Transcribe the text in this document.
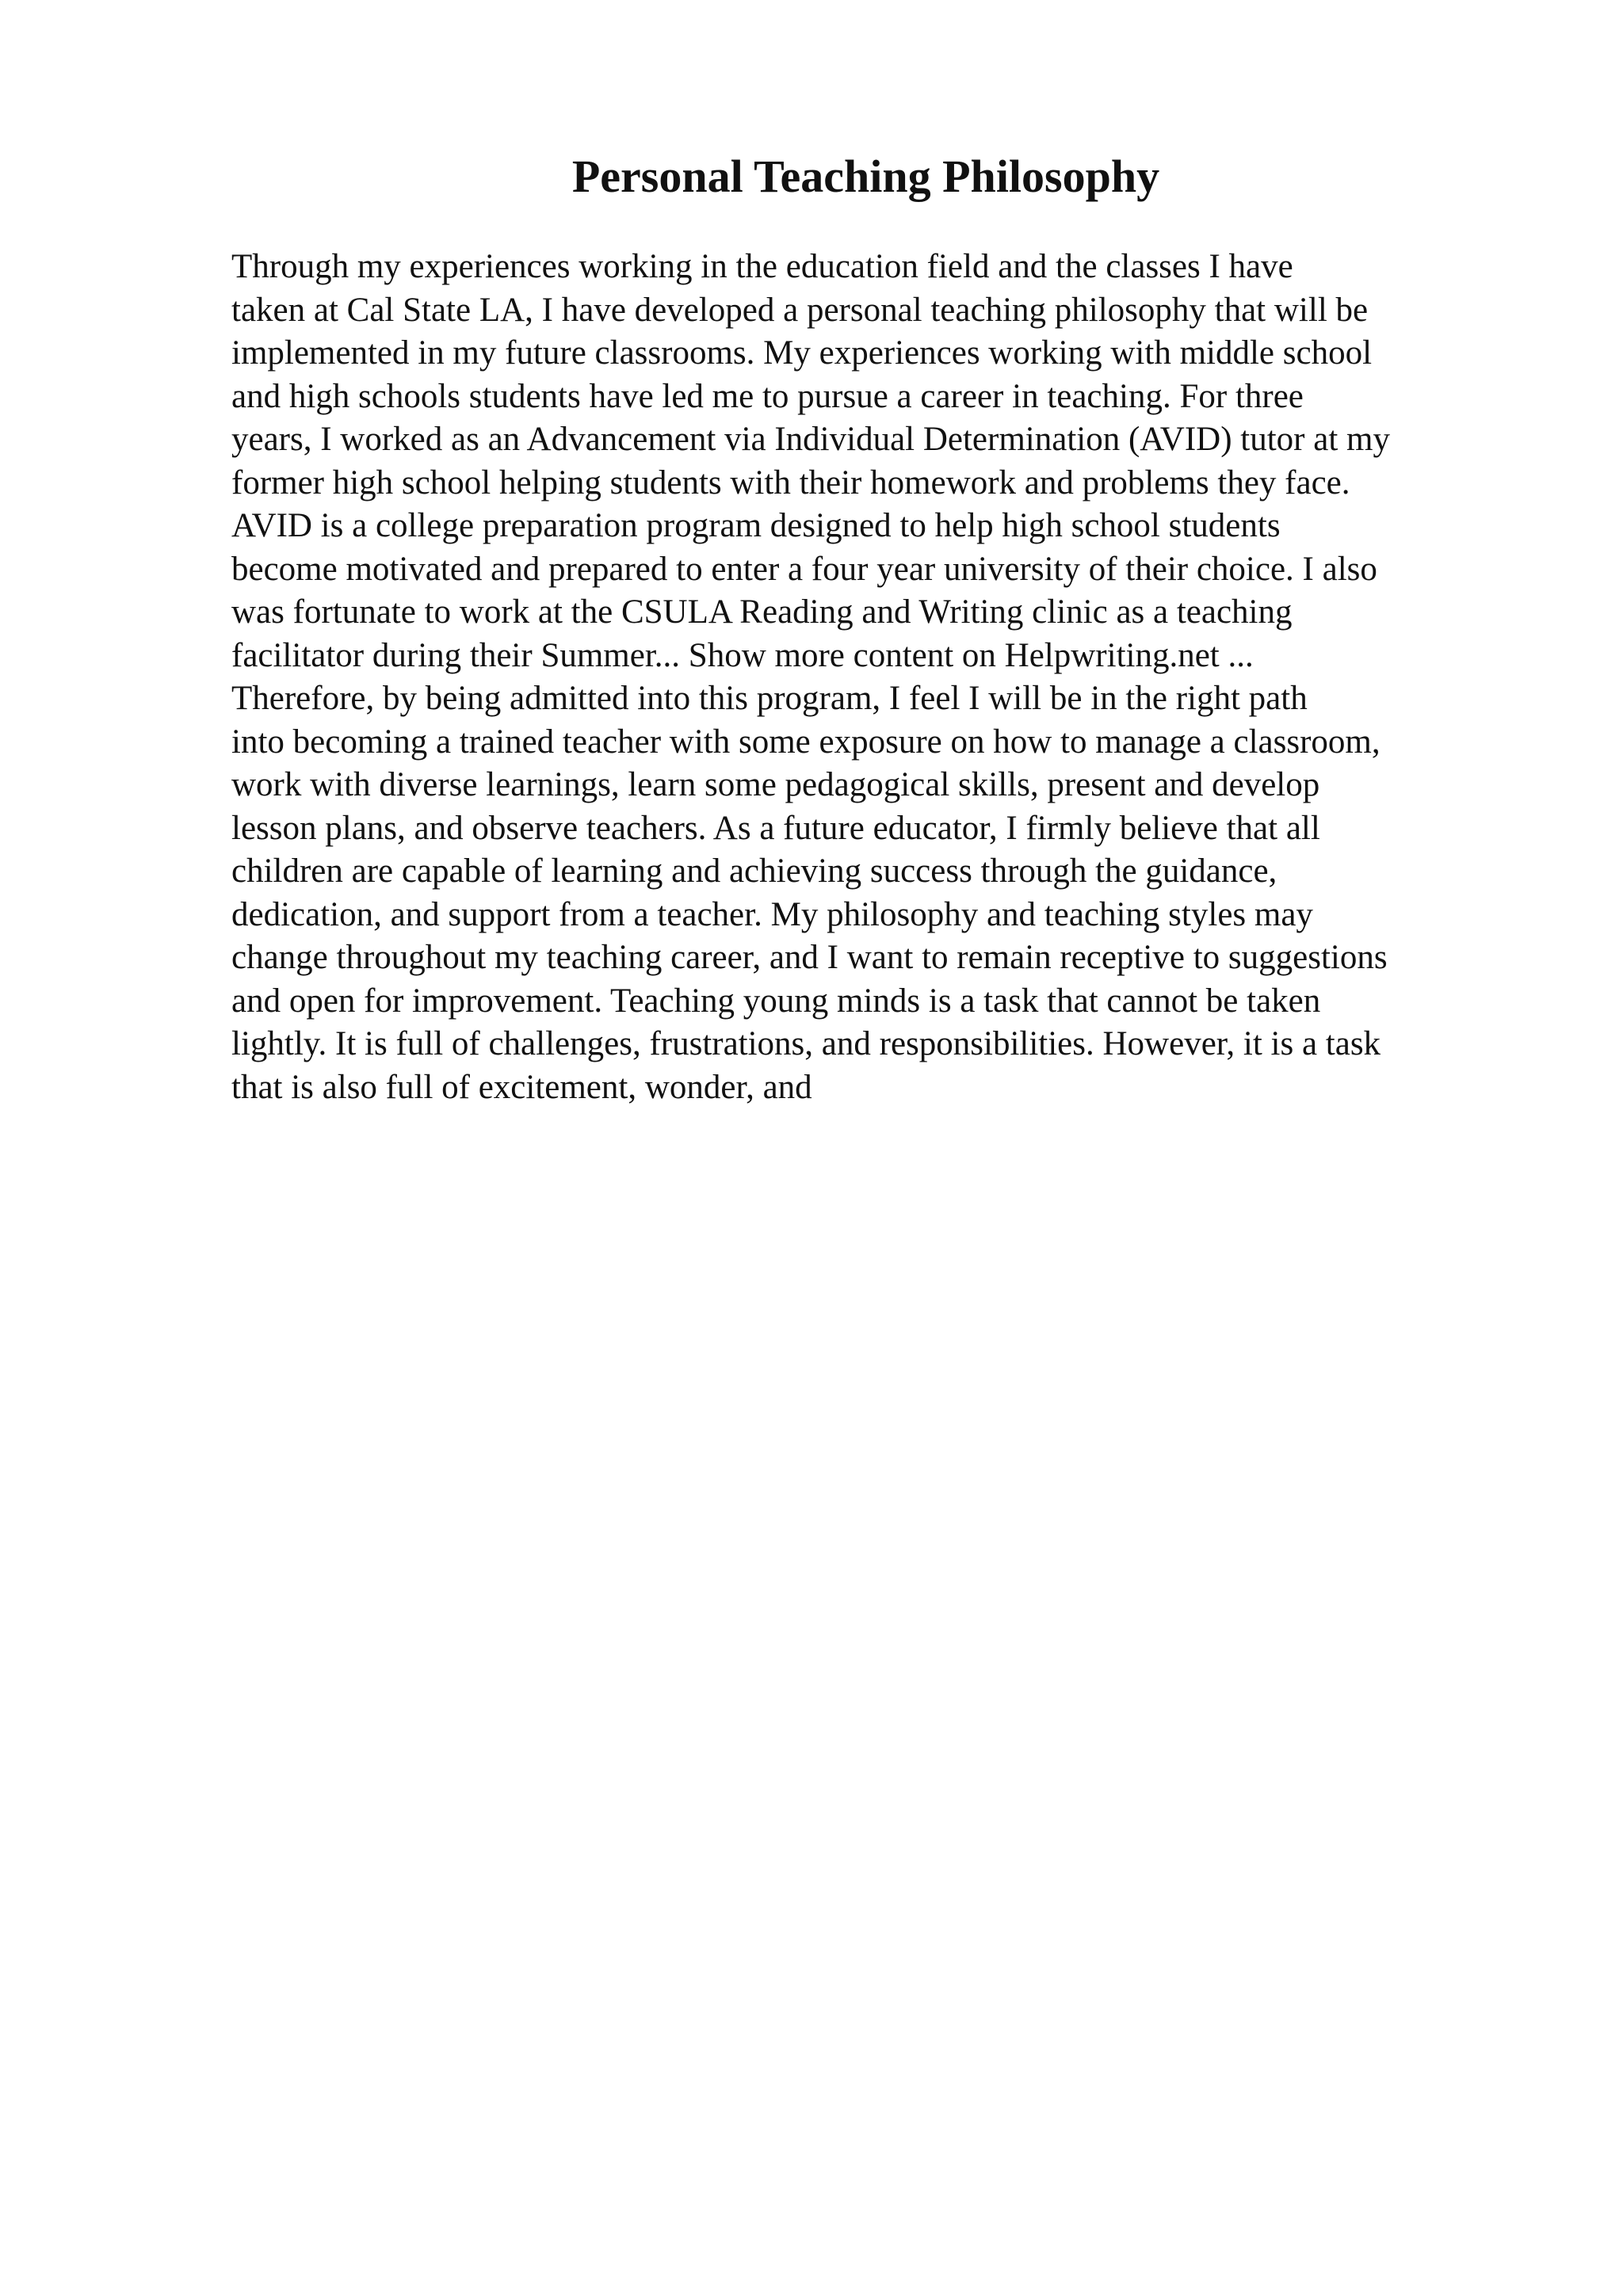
Personal Teaching Philosophy

Through my experiences working in the education field and the classes I have
taken at Cal State LA, I have developed a personal teaching philosophy that will be
implemented in my future classrooms. My experiences working with middle school
and high schools students have led me to pursue a career in teaching. For three
years, I worked as an Advancement via Individual Determination (AVID) tutor at my
former high school helping students with their homework and problems they face.
AVID is a college preparation program designed to help high school students
become motivated and prepared to enter a four year university of their choice. I also
was fortunate to work at the CSULA Reading and Writing clinic as a teaching
facilitator during their Summer... Show more content on Helpwriting.net ...
Therefore, by being admitted into this program, I feel I will be in the right path
into becoming a trained teacher with some exposure on how to manage a classroom,
work with diverse learnings, learn some pedagogical skills, present and develop
lesson plans, and observe teachers. As a future educator, I firmly believe that all
children are capable of learning and achieving success through the guidance,
dedication, and support from a teacher. My philosophy and teaching styles may
change throughout my teaching career, and I want to remain receptive to suggestions
and open for improvement. Teaching young minds is a task that cannot be taken
lightly. It is full of challenges, frustrations, and responsibilities. However, it is a task
that is also full of excitement, wonder, and
